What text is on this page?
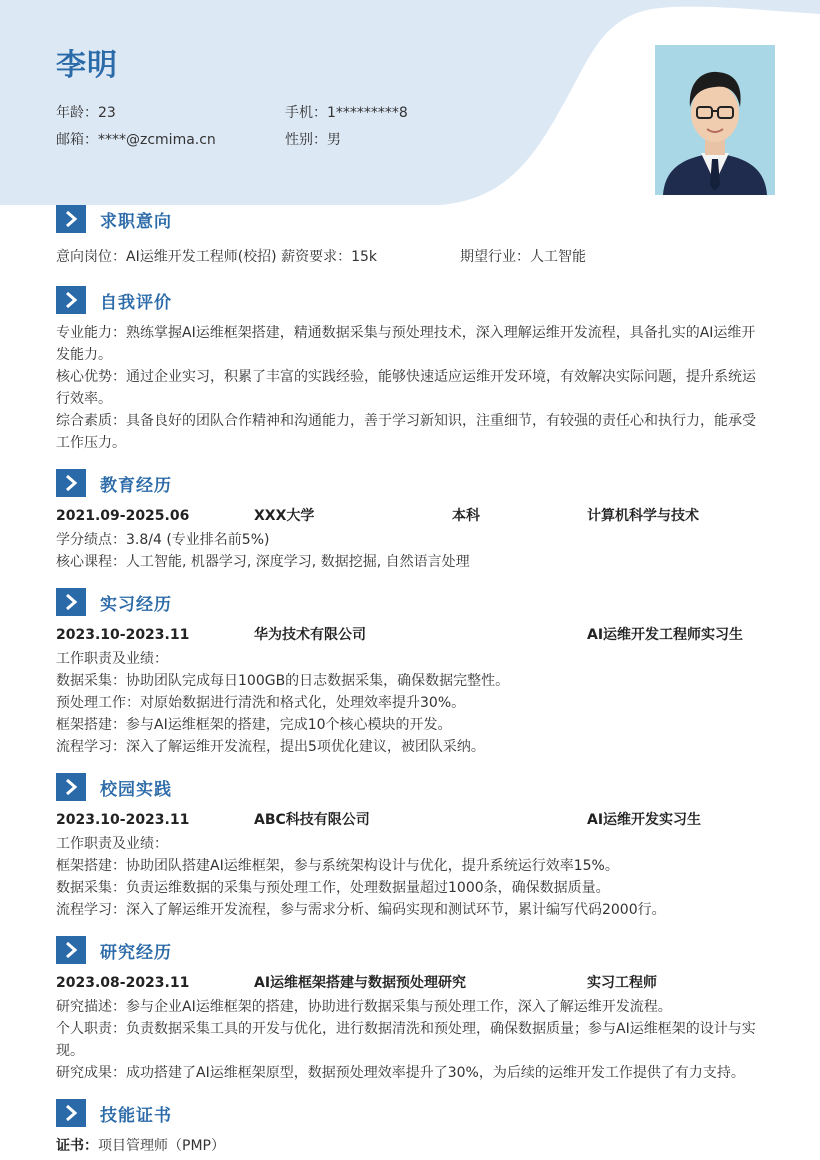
李明
年龄：23	手机：1*********8
邮箱：****@zcmima.cn	性别：男
求职意向
意向岗位：AI运维开发工程师(校招) 薪资要求：15k	期望行业：人工智能
自我评价
专业能力：熟练掌握AI运维框架搭建，精通数据采集与预处理技术，深入理解运维开发流程，具备扎实的AI运维开发能力。
核心优势：通过企业实习，积累了丰富的实践经验，能够快速适应运维开发环境，有效解决实际问题，提升系统运行效率。
综合素质：具备良好的团队合作精神和沟通能力，善于学习新知识，注重细节，有较强的责任心和执行力，能承受工作压力。
教育经历
2021.09-2025.06	XXX大学	本科	计算机科学与技术
学分绩点：3.8/4 (专业排名前5%)
核心课程：人工智能, 机器学习, 深度学习, 数据挖掘, 自然语言处理
实习经历
2023.10-2023.11	华为技术有限公司	AI运维开发工程师实习生
工作职责及业绩：
数据采集：协助团队完成每日100GB的日志数据采集，确保数据完整性。
预处理工作：对原始数据进行清洗和格式化，处理效率提升30%。
框架搭建：参与AI运维框架的搭建，完成10个核心模块的开发。
流程学习：深入了解运维开发流程，提出5项优化建议，被团队采纳。
校园实践
2023.10-2023.11	ABC科技有限公司	AI运维开发实习生
工作职责及业绩：
框架搭建：协助团队搭建AI运维框架，参与系统架构设计与优化，提升系统运行效率15%。
数据采集：负责运维数据的采集与预处理工作，处理数据量超过1000条，确保数据质量。
流程学习：深入了解运维开发流程，参与需求分析、编码实现和测试环节，累计编写代码2000行。
研究经历
2023.08-2023.11	AI运维框架搭建与数据预处理研究	实习工程师
研究描述：参与企业AI运维框架的搭建，协助进行数据采集与预处理工作，深入了解运维开发流程。
个人职责：负责数据采集工具的开发与优化，进行数据清洗和预处理，确保数据质量；参与AI运维框架的设计与实现。
研究成果：成功搭建了AI运维框架原型，数据预处理效率提升了30%，为后续的运维开发工作提供了有力支持。
技能证书
证书：项目管理师（PMP）
